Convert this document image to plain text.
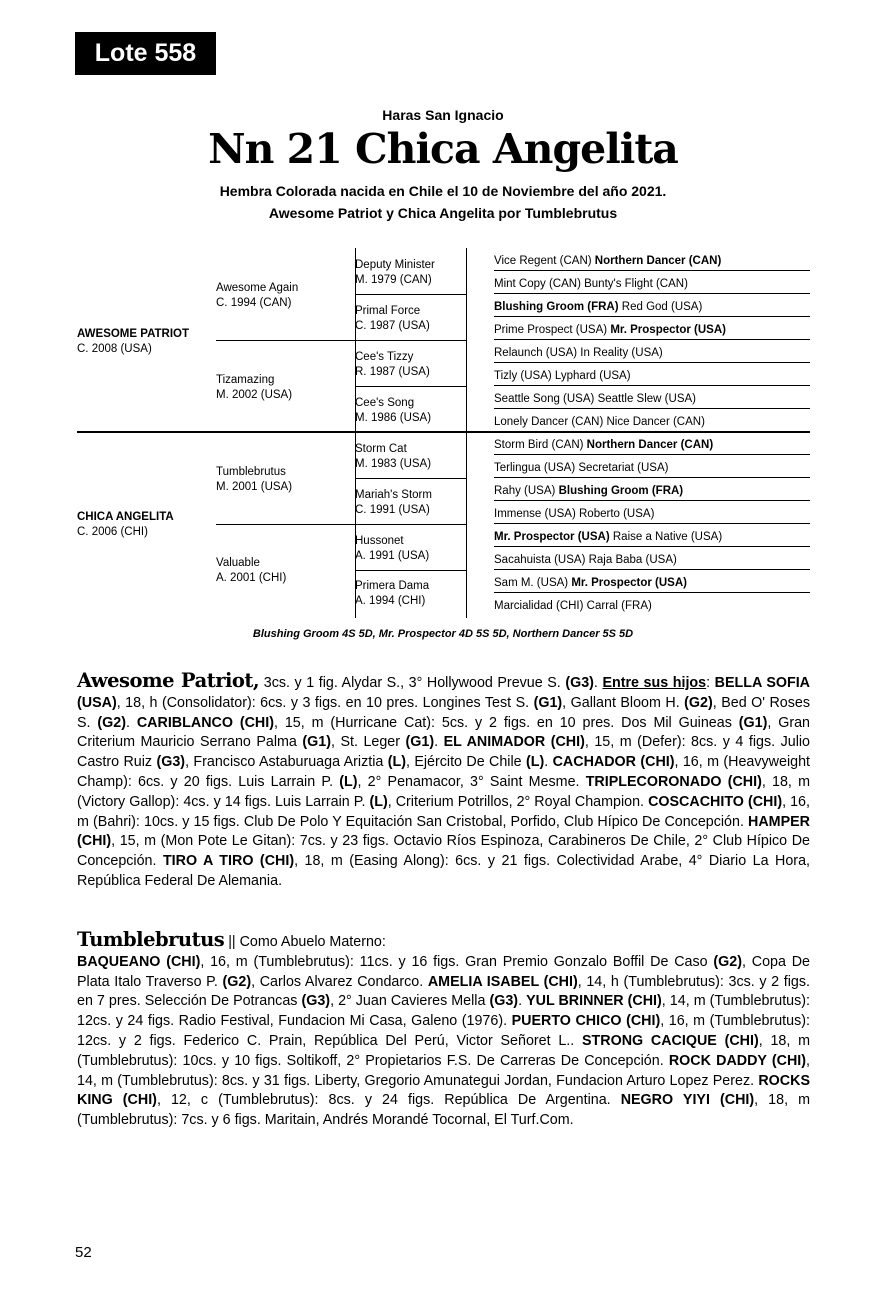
Lote 558
Haras San Ignacio
Nn 21 Chica Angelita
Hembra Colorada nacida en Chile el 10 de Noviembre del año 2021.
Awesome Patriot y Chica Angelita por Tumblebrutus
AWESOME PATRIOT
C. 2008 (USA)
CHICA ANGELITA
C. 2006 (CHI)
Awesome Again
C. 1994 (CAN)
Tizamazing
M. 2002 (USA)
Tumblebrutus
M. 2001 (USA)
Valuable
A. 2001 (CHI)
Deputy Minister
M. 1979 (CAN)
Primal Force
C. 1987 (USA)
Cee's Tizzy
R. 1987 (USA)
Cee's Song
M. 1986 (USA)
Storm Cat
M. 1983 (USA)
Mariah's Storm
C. 1991 (USA)
Hussonet
A. 1991 (USA)
Primera Dama
A. 1994 (CHI)
Vice Regent (CAN) Northern Dancer (CAN)
Mint Copy (CAN) Bunty's Flight (CAN)
Blushing Groom (FRA) Red God (USA)
Prime Prospect (USA) Mr. Prospector (USA)
Relaunch (USA) In Reality (USA)
Tizly (USA) Lyphard (USA)
Seattle Song (USA) Seattle Slew (USA)
Lonely Dancer (CAN) Nice Dancer (CAN)
Storm Bird (CAN) Northern Dancer (CAN)
Terlingua (USA) Secretariat (USA)
Rahy (USA) Blushing Groom (FRA)
Immense (USA) Roberto (USA)
Mr. Prospector (USA) Raise a Native (USA)
Sacahuista (USA) Raja Baba (USA)
Sam M. (USA) Mr. Prospector (USA)
Marcialidad (CHI) Carral (FRA)
Blushing Groom 4S 5D, Mr. Prospector 4D 5S 5D, Northern Dancer 5S 5D
Awesome Patriot, 3cs. y 1 fig. Alydar S., 3° Hollywood Prevue S. (G3). Entre sus hijos: BELLA SOFIA (USA), 18, h (Consolidator): 6cs. y 3 figs. en 10 pres. Longines Test S. (G1), Gallant Bloom H. (G2), Bed O' Roses S. (G2). CARIBLANCO (CHI), 15, m (Hurricane Cat): 5cs. y 2 figs. en 10 pres. Dos Mil Guineas (G1), Gran Criterium Mauricio Serrano Palma (G1), St. Leger (G1). EL ANIMADOR (CHI), 15, m (Defer): 8cs. y 4 figs. Julio Castro Ruiz (G3), Francisco Astaburuaga Ariztia (L), Ejército De Chile (L). CACHADOR (CHI), 16, m (Heavyweight Champ): 6cs. y 20 figs. Luis Larrain P. (L), 2° Penamacor, 3° Saint Mesme. TRIPLECORONADO (CHI), 18, m (Victory Gallop): 4cs. y 14 figs. Luis Larrain P. (L), Criterium Potrillos, 2° Royal Champion. COSCACHITO (CHI), 16, m (Bahri): 10cs. y 15 figs. Club De Polo Y Equitación San Cristobal, Porfido, Club Hípico De Concepción. HAMPER (CHI), 15, m (Mon Pote Le Gitan): 7cs. y 23 figs. Octavio Ríos Espinoza, Carabineros De Chile, 2° Club Hípico De Concepción. TIRO A TIRO (CHI), 18, m (Easing Along): 6cs. y 21 figs. Colectividad Arabe, 4° Diario La Hora, República Federal De Alemania.
Tumblebrutus || Como Abuelo Materno:
BAQUEANO (CHI), 16, m (Tumblebrutus): 11cs. y 16 figs. Gran Premio Gonzalo Boffil De Caso (G2), Copa De Plata Italo Traverso P. (G2), Carlos Alvarez Condarco. AMELIA ISABEL (CHI), 14, h (Tumblebrutus): 3cs. y 2 figs. en 7 pres. Selección De Potrancas (G3), 2° Juan Cavieres Mella (G3). YUL BRINNER (CHI), 14, m (Tumblebrutus): 12cs. y 24 figs. Radio Festival, Fundacion Mi Casa, Galeno (1976). PUERTO CHICO (CHI), 16, m (Tumblebrutus): 12cs. y 2 figs. Federico C. Prain, República Del Perú, Victor Señoret L.. STRONG CACIQUE (CHI), 18, m (Tumblebrutus): 10cs. y 10 figs. Soltikoff, 2° Propietarios F.S. De Carreras De Concepción. ROCK DADDY (CHI), 14, m (Tumblebrutus): 8cs. y 31 figs. Liberty, Gregorio Amunategui Jordan, Fundacion Arturo Lopez Perez. ROCKS KING (CHI), 12, c (Tumblebrutus): 8cs. y 24 figs. República De Argentina. NEGRO YIYI (CHI), 18, m (Tumblebrutus): 7cs. y 6 figs. Maritain, Andrés Morandé Tocornal, El Turf.Com.
52
